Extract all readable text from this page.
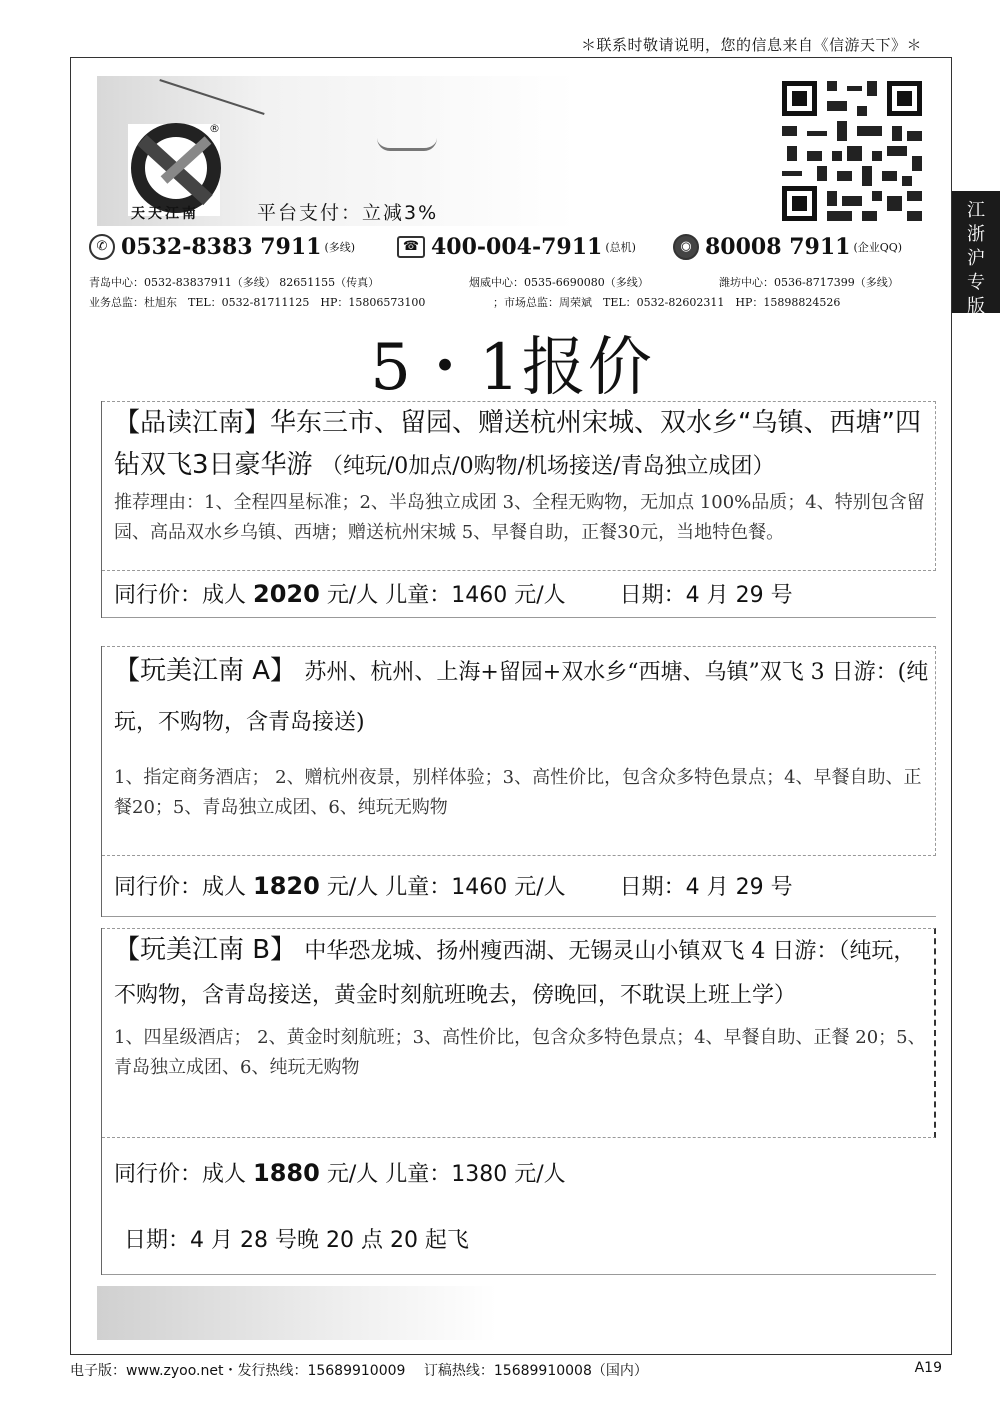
＊联系时敬请说明，您的信息来自《信游天下》＊
江
浙
沪
专
版
®
天天江南	平台支付：立减3%
✆ 0532-8383 7911 (多线)	☎ 400-004-7911 (总机)	◉ 80008 7911 (企业QQ)
青岛中心：0532-83837911（多线） 82651155（传真）	烟威中心：0535-6690080（多线）	潍坊中心：0536-8717399（多线）
业务总监：杜旭东　TEL：0532-81711125　HP：15806573100	；市场总监：周荣斌　TEL：0532-82602311　HP：15898824526
5・1报价
【品读江南】华东三市、留园、赠送杭州宋城、双水乡“乌镇、西塘”四钻双飞3日豪华游 （纯玩/0加点/0购物/机场接送/青岛独立成团）
推荐理由：1、全程四星标准；2、半岛独立成团 3、全程无购物，无加点 100%品质；4、特别包含留园、高品双水乡乌镇、西塘；赠送杭州宋城 5、早餐自助，正餐30元，当地特色餐。
同行价：成人 2020 元/人 儿童：1460 元/人 日期：4 月 29 号
【玩美江南 A】 苏州、杭州、上海+留园+双水乡“西塘、乌镇”双飞 3 日游：(纯玩，不购物，含青岛接送)
1、指定商务酒店； 2、赠杭州夜景，别样体验；3、高性价比，包含众多特色景点；4、早餐自助、正餐20；5、青岛独立成团、6、纯玩无购物
同行价：成人 1820 元/人 儿童：1460 元/人 日期：4 月 29 号
【玩美江南 B】 中华恐龙城、扬州瘦西湖、无锡灵山小镇双飞 4 日游：（纯玩，不购物，含青岛接送，黄金时刻航班晚去，傍晚回，不耽误上班上学）
1、四星级酒店； 2、黄金时刻航班；3、高性价比，包含众多特色景点；4、早餐自助、正餐 20；5、青岛独立成团、6、纯玩无购物
同行价：成人 1880 元/人 儿童：1380 元/人
日期：4 月 28 号晚 20 点 20 起飞
电子版：www.zyoo.net・发行热线：15689910009　 订稿热线：15689910008（国内）	A19
